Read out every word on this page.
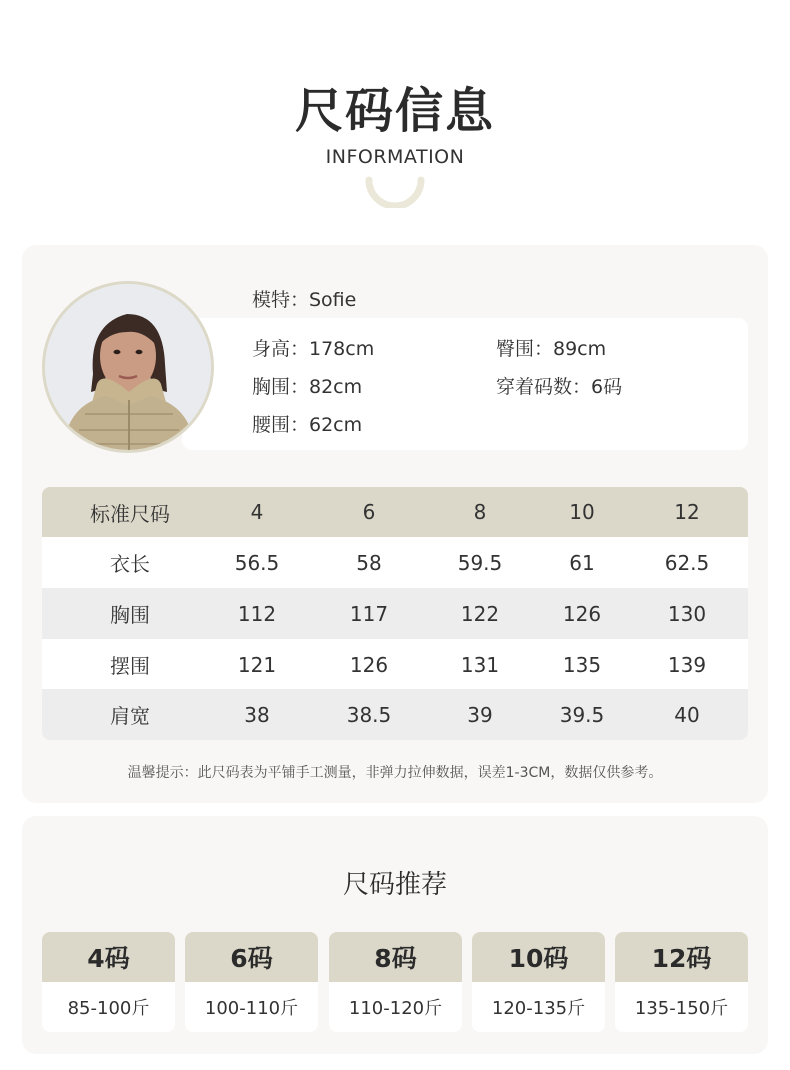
尺码信息
INFORMATION
身高：178cm	臀围：89cm
胸围：82cm	穿着码数：6码
腰围：62cm
模特：Sofie
标准尺码	4	6	8	10	12
衣长	56.5	58	59.5	61	62.5
胸围	112	117	122	126	130
摆围	121	126	131	135	139
肩宽	38	38.5	39	39.5	40
温馨提示：此尺码表为平铺手工测量，非弹力拉伸数据，误差1-3CM，数据仅供参考。
尺码推荐
4码
85-100斤
6码
100-110斤
8码
110-120斤
10码
120-135斤
12码
135-150斤
